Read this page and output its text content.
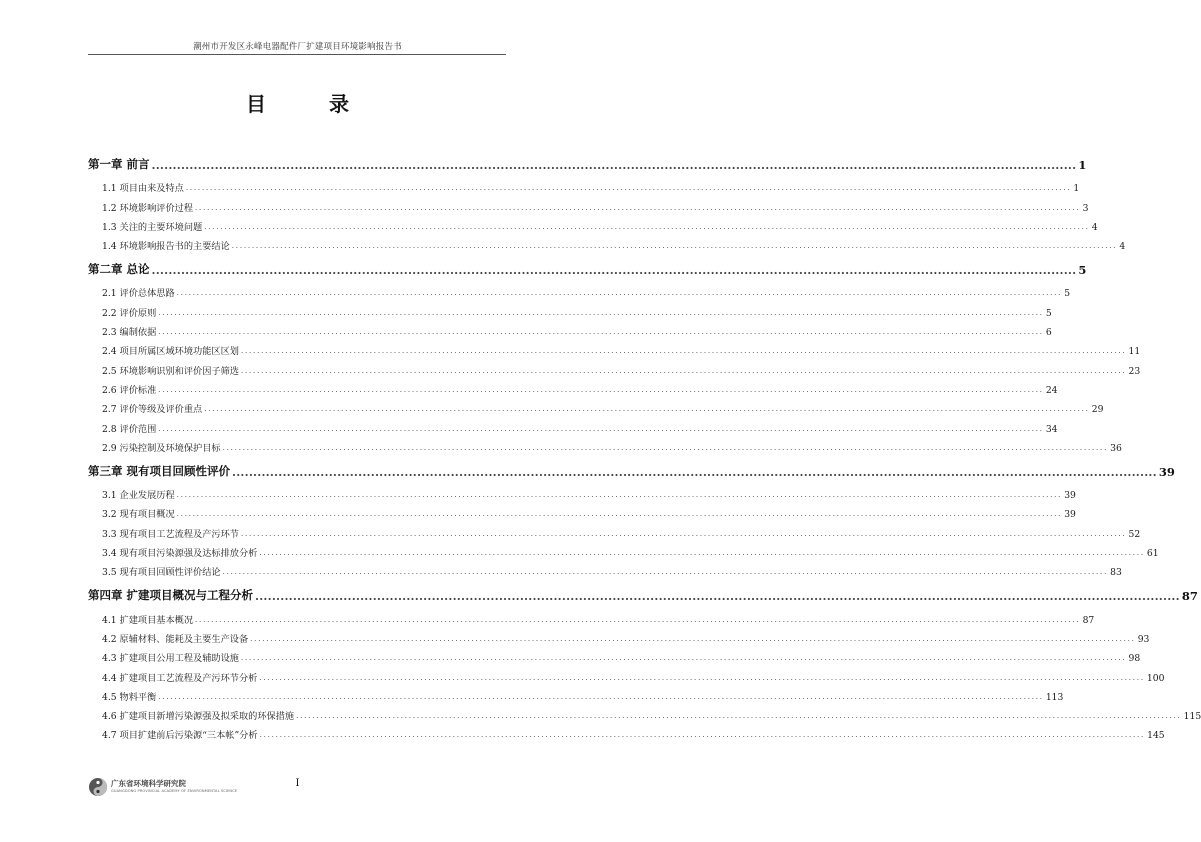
潮州市开发区永峰电器配件厂扩建项目环境影响报告书
目 录
第一章 前言 ............................................................................................................................................................................................................................ 1
1.1 项目由来及特点 ···························································································································································································································· 1
1.2 环境影响评价过程 ···························································································································································································································· 3
1.3 关注的主要环境问题 ···························································································································································································································· 4
1.4 环境影响报告书的主要结论 ···························································································································································································································· 4
第二章 总论 ............................................................................................................................................................................................................................ 5
2.1 评价总体思路 ···························································································································································································································· 5
2.2 评价原则 ···························································································································································································································· 5
2.3 编制依据 ···························································································································································································································· 6
2.4 项目所属区域环境功能区区划 ···························································································································································································································· 11
2.5 环境影响识别和评价因子筛选 ···························································································································································································································· 23
2.6 评价标准 ···························································································································································································································· 24
2.7 评价等级及评价重点 ···························································································································································································································· 29
2.8 评价范围 ···························································································································································································································· 34
2.9 污染控制及环境保护目标 ···························································································································································································································· 36
第三章 现有项目回顾性评价 ............................................................................................................................................................................................................................ 39
3.1 企业发展历程 ···························································································································································································································· 39
3.2 现有项目概况 ···························································································································································································································· 39
3.3 现有项目工艺流程及产污环节 ···························································································································································································································· 52
3.4 现有项目污染源强及达标排放分析 ···························································································································································································································· 61
3.5 现有项目回顾性评价结论 ···························································································································································································································· 83
第四章 扩建项目概况与工程分析 ............................................................................................................................................................................................................................ 87
4.1 扩建项目基本概况 ···························································································································································································································· 87
4.2 原辅材料、能耗及主要生产设备 ···························································································································································································································· 93
4.3 扩建项目公用工程及辅助设施 ···························································································································································································································· 98
4.4 扩建项目工艺流程及产污环节分析 ···························································································································································································································· 100
4.5 物料平衡 ···························································································································································································································· 113
4.6 扩建项目新增污染源强及拟采取的环保措施 ···························································································································································································································· 115
4.7 项目扩建前后污染源“三本帐”分析 ···························································································································································································································· 145
广东省环境科学研究院
GUANGDONG PROVINCIAL ACADEMY OF ENVIRONMENTAL SCIENCE
I
